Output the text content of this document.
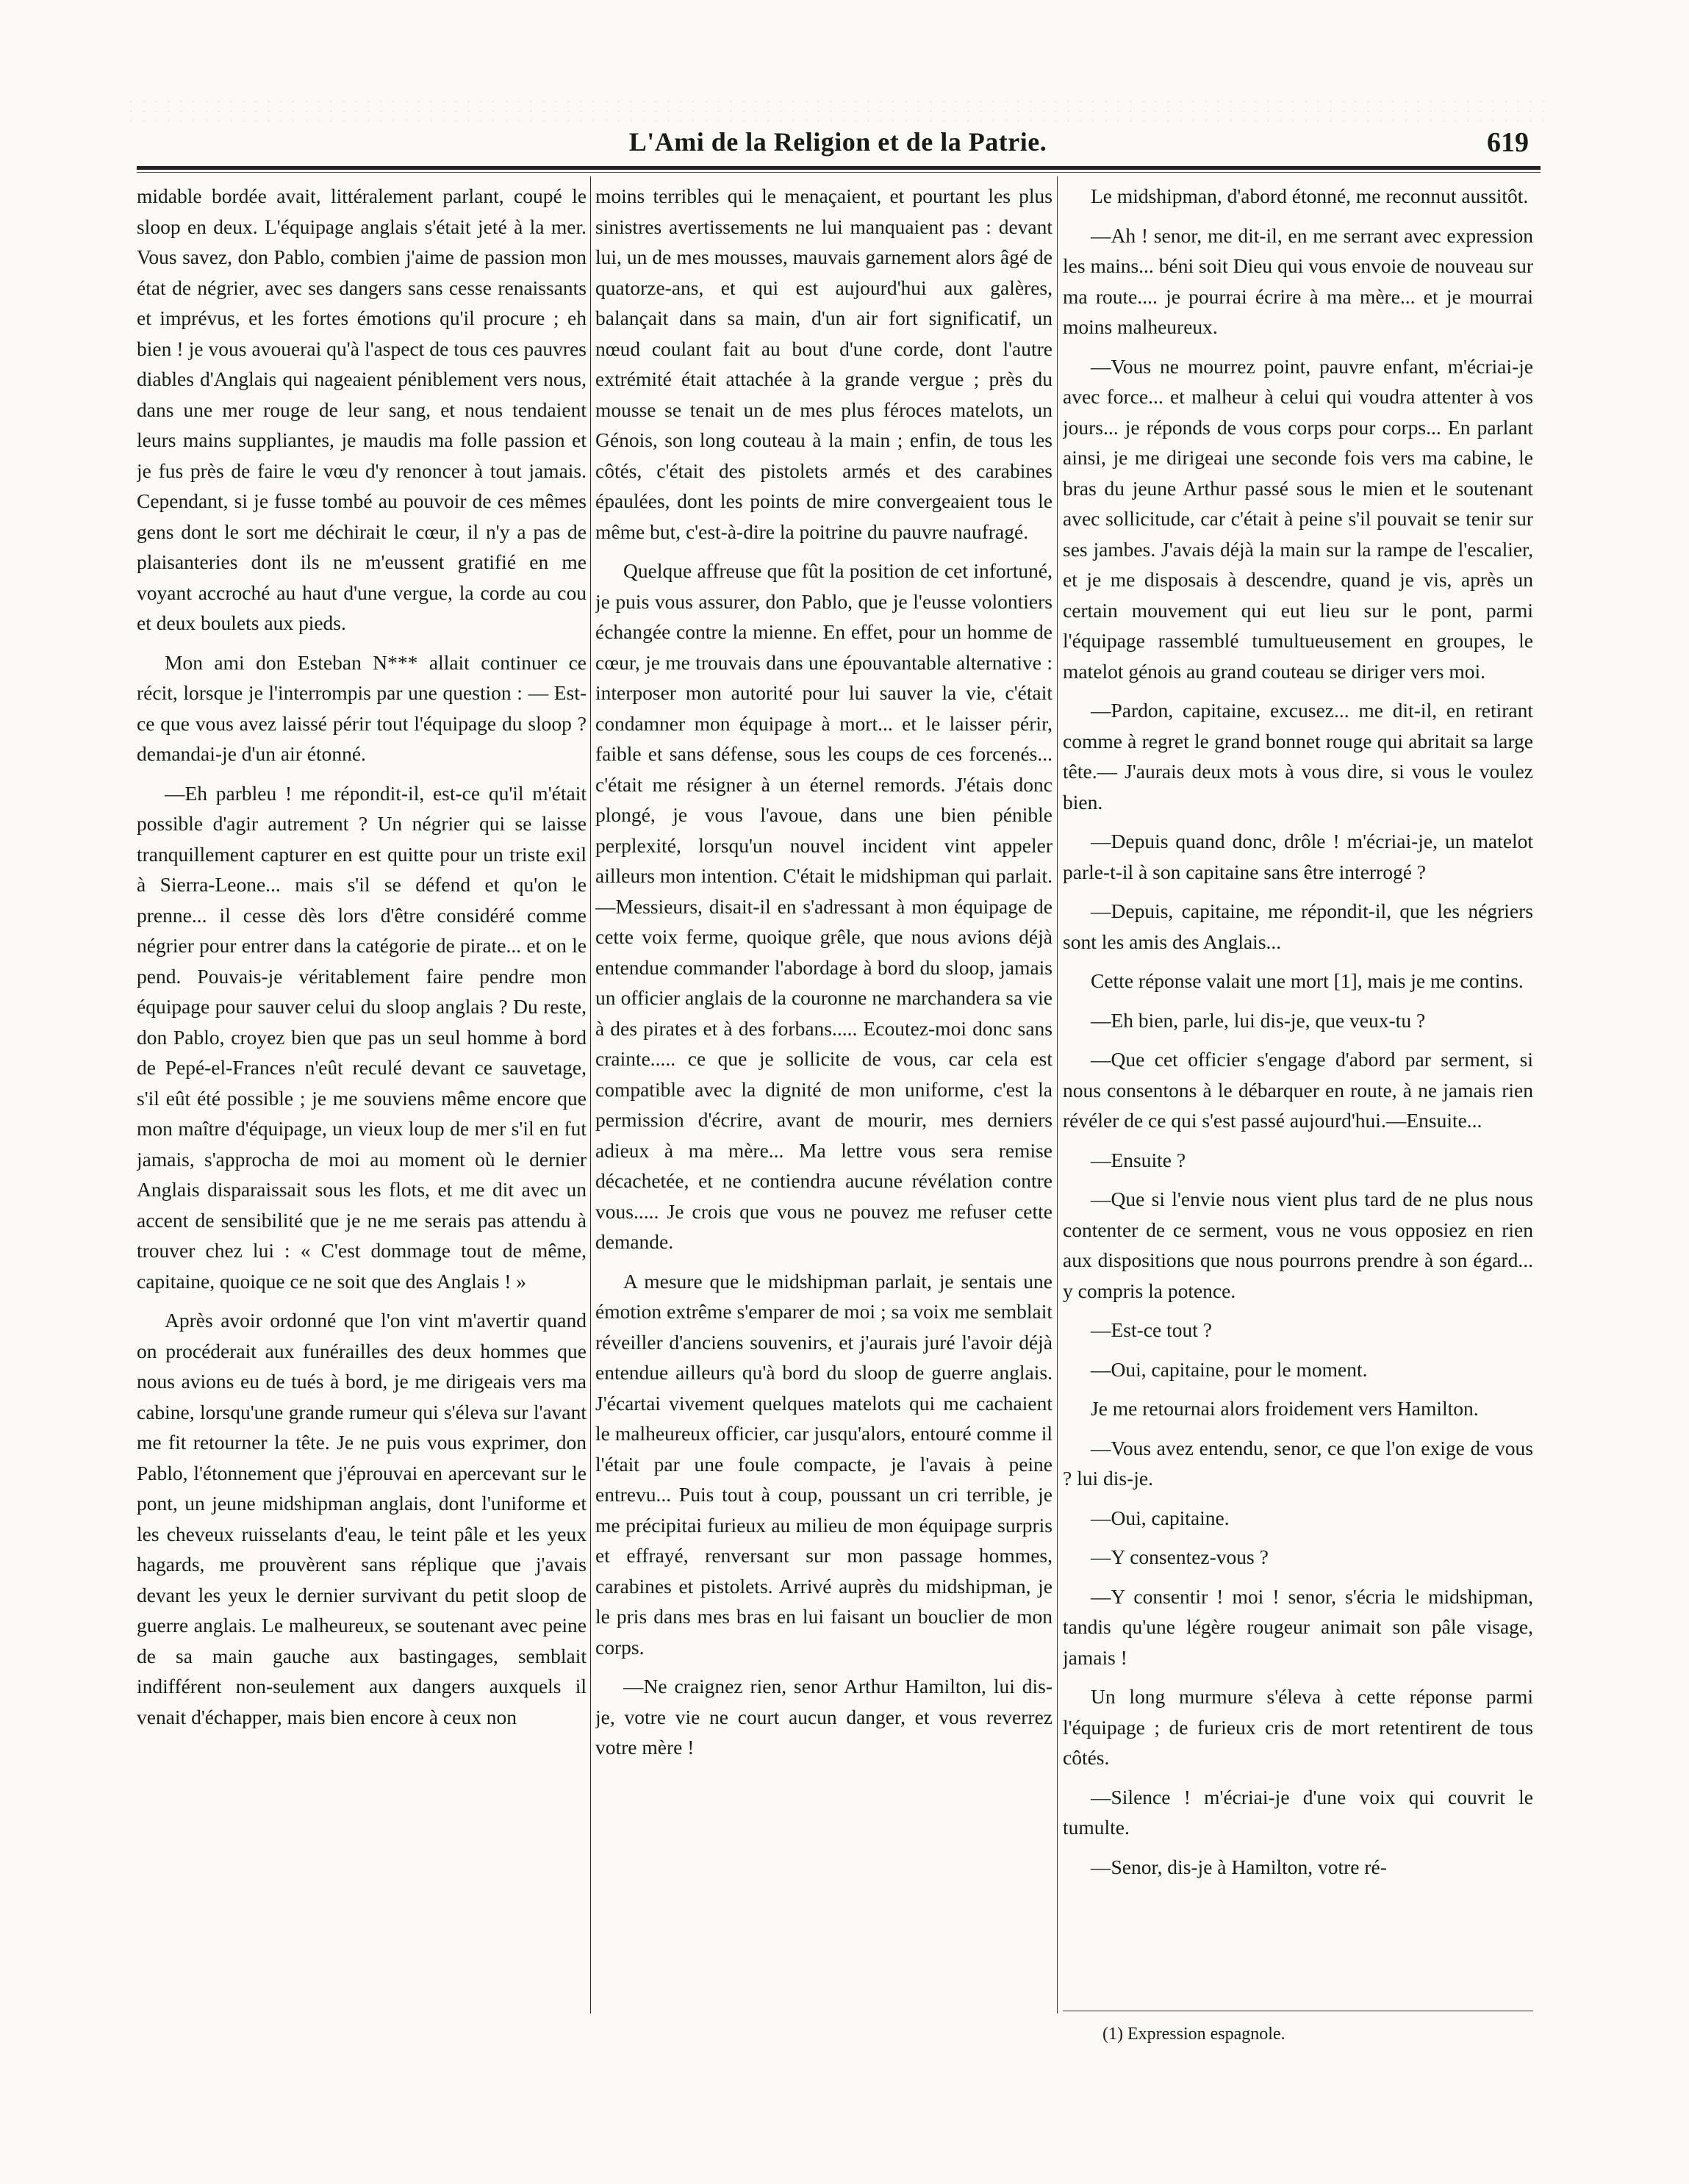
L'Ami de la Religion et de la Patrie.	619

midable bordée avait, littéralement parlant, coupé le sloop en deux. L'équipage anglais s'était jeté à la mer. Vous savez, don Pablo, combien j'aime de passion mon état de négrier, avec ses dangers sans cesse renaissants et imprévus, et les fortes émotions qu'il procure ; eh bien ! je vous avouerai qu'à l'aspect de tous ces pauvres diables d'Anglais qui nageaient péniblement vers nous, dans une mer rouge de leur sang, et nous tendaient leurs mains suppliantes, je maudis ma folle passion et je fus près de faire le vœu d'y renoncer à tout jamais. Cependant, si je fusse tombé au pouvoir de ces mêmes gens dont le sort me déchirait le cœur, il n'y a pas de plaisanteries dont ils ne m'eussent gratifié en me voyant accroché au haut d'une vergue, la corde au cou et deux boulets aux pieds.

Mon ami don Esteban N*** allait continuer ce récit, lorsque je l'interrompis par une question : — Est-ce que vous avez laissé périr tout l'équipage du sloop ? demandai-je d'un air étonné.

—Eh parbleu ! me répondit-il, est-ce qu'il m'était possible d'agir autrement ? Un négrier qui se laisse tranquillement capturer en est quitte pour un triste exil à Sierra-Leone... mais s'il se défend et qu'on le prenne... il cesse dès lors d'être considéré comme négrier pour entrer dans la catégorie de pirate... et on le pend. Pouvais-je véritablement faire pendre mon équipage pour sauver celui du sloop anglais ? Du reste, don Pablo, croyez bien que pas un seul homme à bord de Pepé-el-Frances n'eût reculé devant ce sauvetage, s'il eût été possible ; je me souviens même encore que mon maître d'équipage, un vieux loup de mer s'il en fut jamais, s'approcha de moi au moment où le dernier Anglais disparaissait sous les flots, et me dit avec un accent de sensibilité que je ne me serais pas attendu à trouver chez lui : « C'est dommage tout de même, capitaine, quoique ce ne soit que des Anglais ! »

Après avoir ordonné que l'on vint m'avertir quand on procéderait aux funérailles des deux hommes que nous avions eu de tués à bord, je me dirigeais vers ma cabine, lorsqu'une grande rumeur qui s'éleva sur l'avant me fit retourner la tête. Je ne puis vous exprimer, don Pablo, l'étonnement que j'éprouvai en apercevant sur le pont, un jeune midshipman anglais, dont l'uniforme et les cheveux ruisselants d'eau, le teint pâle et les yeux hagards, me prouvèrent sans réplique que j'avais devant les yeux le dernier survivant du petit sloop de guerre anglais. Le malheureux, se soutenant avec peine de sa main gauche aux bastingages, semblait indifférent non-seulement aux dangers auxquels il venait d'échapper, mais bien encore à ceux non

moins terribles qui le menaçaient, et pourtant les plus sinistres avertissements ne lui manquaient pas : devant lui, un de mes mousses, mauvais garnement alors âgé de quatorze-ans, et qui est aujourd'hui aux galères, balançait dans sa main, d'un air fort significatif, un nœud coulant fait au bout d'une corde, dont l'autre extrémité était attachée à la grande vergue ; près du mousse se tenait un de mes plus féroces matelots, un Génois, son long couteau à la main ; enfin, de tous les côtés, c'était des pistolets armés et des carabines épaulées, dont les points de mire convergeaient tous le même but, c'est-à-dire la poitrine du pauvre naufragé.

Quelque affreuse que fût la position de cet infortuné, je puis vous assurer, don Pablo, que je l'eusse volontiers échangée contre la mienne. En effet, pour un homme de cœur, je me trouvais dans une épouvantable alternative : interposer mon autorité pour lui sauver la vie, c'était condamner mon équipage à mort... et le laisser périr, faible et sans défense, sous les coups de ces forcenés... c'était me résigner à un éternel remords. J'étais donc plongé, je vous l'avoue, dans une bien pénible perplexité, lorsqu'un nouvel incident vint appeler ailleurs mon intention. C'était le midshipman qui parlait.—Messieurs, disait-il en s'adressant à mon équipage de cette voix ferme, quoique grêle, que nous avions déjà entendue commander l'abordage à bord du sloop, jamais un officier anglais de la couronne ne marchandera sa vie à des pirates et à des forbans..... Ecoutez-moi donc sans crainte..... ce que je sollicite de vous, car cela est compatible avec la dignité de mon uniforme, c'est la permission d'écrire, avant de mourir, mes derniers adieux à ma mère... Ma lettre vous sera remise décachetée, et ne contiendra aucune révélation contre vous..... Je crois que vous ne pouvez me refuser cette demande.

A mesure que le midshipman parlait, je sentais une émotion extrême s'emparer de moi ; sa voix me semblait réveiller d'anciens souvenirs, et j'aurais juré l'avoir déjà entendue ailleurs qu'à bord du sloop de guerre anglais. J'écartai vivement quelques matelots qui me cachaient le malheureux officier, car jusqu'alors, entouré comme il l'était par une foule compacte, je l'avais à peine entrevu... Puis tout à coup, poussant un cri terrible, je me précipitai furieux au milieu de mon équipage surpris et effrayé, renversant sur mon passage hommes, carabines et pistolets. Arrivé auprès du midshipman, je le pris dans mes bras en lui faisant un bouclier de mon corps.

—Ne craignez rien, senor Arthur Hamilton, lui dis-je, votre vie ne court aucun danger, et vous reverrez votre mère !

Le midshipman, d'abord étonné, me reconnut aussitôt.

—Ah ! senor, me dit-il, en me serrant avec expression les mains... béni soit Dieu qui vous envoie de nouveau sur ma route.... je pourrai écrire à ma mère... et je mourrai moins malheureux.

—Vous ne mourrez point, pauvre enfant, m'écriai-je avec force... et malheur à celui qui voudra attenter à vos jours... je réponds de vous corps pour corps... En parlant ainsi, je me dirigeai une seconde fois vers ma cabine, le bras du jeune Arthur passé sous le mien et le soutenant avec sollicitude, car c'était à peine s'il pouvait se tenir sur ses jambes. J'avais déjà la main sur la rampe de l'escalier, et je me disposais à descendre, quand je vis, après un certain mouvement qui eut lieu sur le pont, parmi l'équipage rassemblé tumultueusement en groupes, le matelot génois au grand couteau se diriger vers moi.

—Pardon, capitaine, excusez... me dit-il, en retirant comme à regret le grand bonnet rouge qui abritait sa large tête.— J'aurais deux mots à vous dire, si vous le voulez bien.

—Depuis quand donc, drôle ! m'écriai-je, un matelot parle-t-il à son capitaine sans être interrogé ?

—Depuis, capitaine, me répondit-il, que les négriers sont les amis des Anglais...

Cette réponse valait une mort [1], mais je me contins.

—Eh bien, parle, lui dis-je, que veux-tu ?

—Que cet officier s'engage d'abord par serment, si nous consentons à le débarquer en route, à ne jamais rien révéler de ce qui s'est passé aujourd'hui.—Ensuite...

—Ensuite ?

—Que si l'envie nous vient plus tard de ne plus nous contenter de ce serment, vous ne vous opposiez en rien aux dispositions que nous pourrons prendre à son égard... y compris la potence.

—Est-ce tout ?

—Oui, capitaine, pour le moment.

Je me retournai alors froidement vers Hamilton.

—Vous avez entendu, senor, ce que l'on exige de vous ? lui dis-je.

—Oui, capitaine.

—Y consentez-vous ?

—Y consentir ! moi ! senor, s'écria le midshipman, tandis qu'une légère rougeur animait son pâle visage, jamais !

Un long murmure s'éleva à cette réponse parmi l'équipage ; de furieux cris de mort retentirent de tous côtés.

—Silence ! m'écriai-je d'une voix qui couvrit le tumulte.

—Senor, dis-je à Hamilton, votre ré-

(1) Expression espagnole.
